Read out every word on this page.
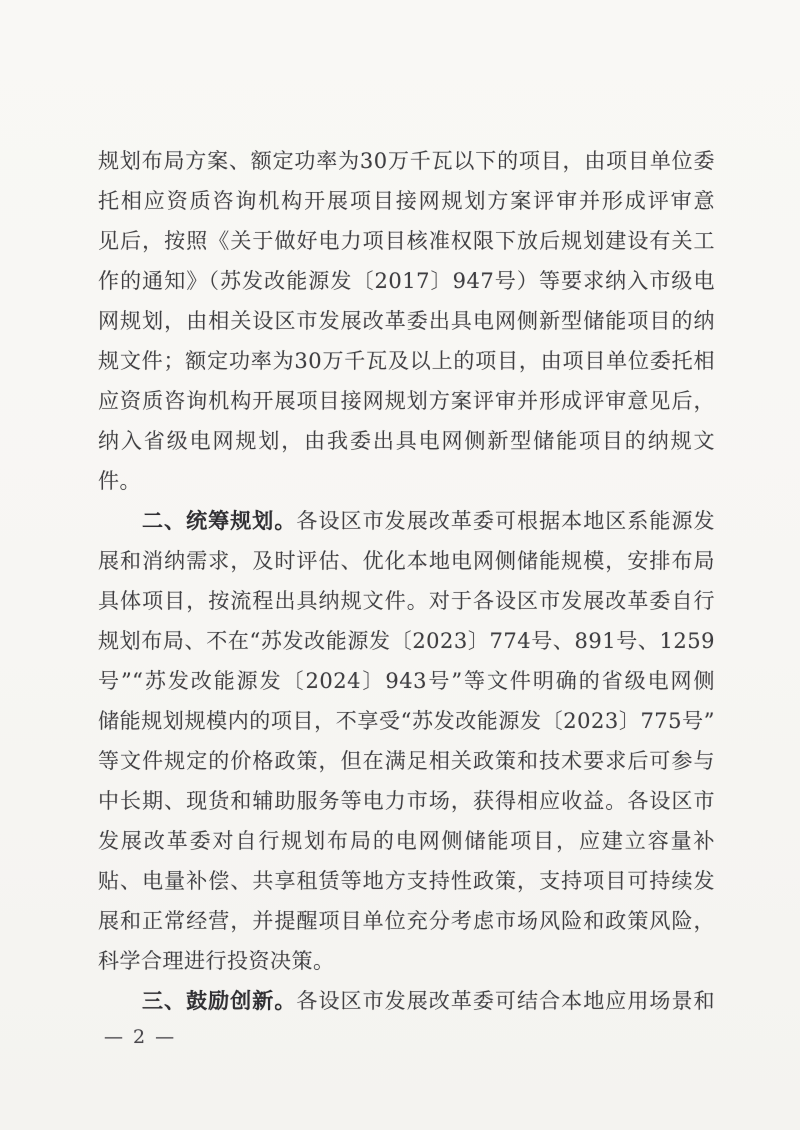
规划布局方案、额定功率为30万千瓦以下的项目，由项目单位委
托相应资质咨询机构开展项目接网规划方案评审并形成评审意
见后，按照《关于做好电力项目核准权限下放后规划建设有关工
作的通知》（苏发改能源发〔2017〕947号）等要求纳入市级电
网规划，由相关设区市发展改革委出具电网侧新型储能项目的纳
规文件；额定功率为30万千瓦及以上的项目，由项目单位委托相
应资质咨询机构开展项目接网规划方案评审并形成评审意见后，
纳入省级电网规划，由我委出具电网侧新型储能项目的纳规文
件。
二、统筹规划。各设区市发展改革委可根据本地区系能源发
展和消纳需求，及时评估、优化本地电网侧储能规模，安排布局
具体项目，按流程出具纳规文件。对于各设区市发展改革委自行
规划布局、不在“苏发改能源发〔2023〕774号、891号、1259
号”“苏发改能源发〔2024〕943号”等文件明确的省级电网侧
储能规划规模内的项目，不享受“苏发改能源发〔2023〕775号”
等文件规定的价格政策，但在满足相关政策和技术要求后可参与
中长期、现货和辅助服务等电力市场，获得相应收益。各设区市
发展改革委对自行规划布局的电网侧储能项目，应建立容量补
贴、电量补偿、共享租赁等地方支持性政策，支持项目可持续发
展和正常经营，并提醒项目单位充分考虑市场风险和政策风险，
科学合理进行投资决策。
三、鼓励创新。各设区市发展改革委可结合本地应用场景和
— 2 —
